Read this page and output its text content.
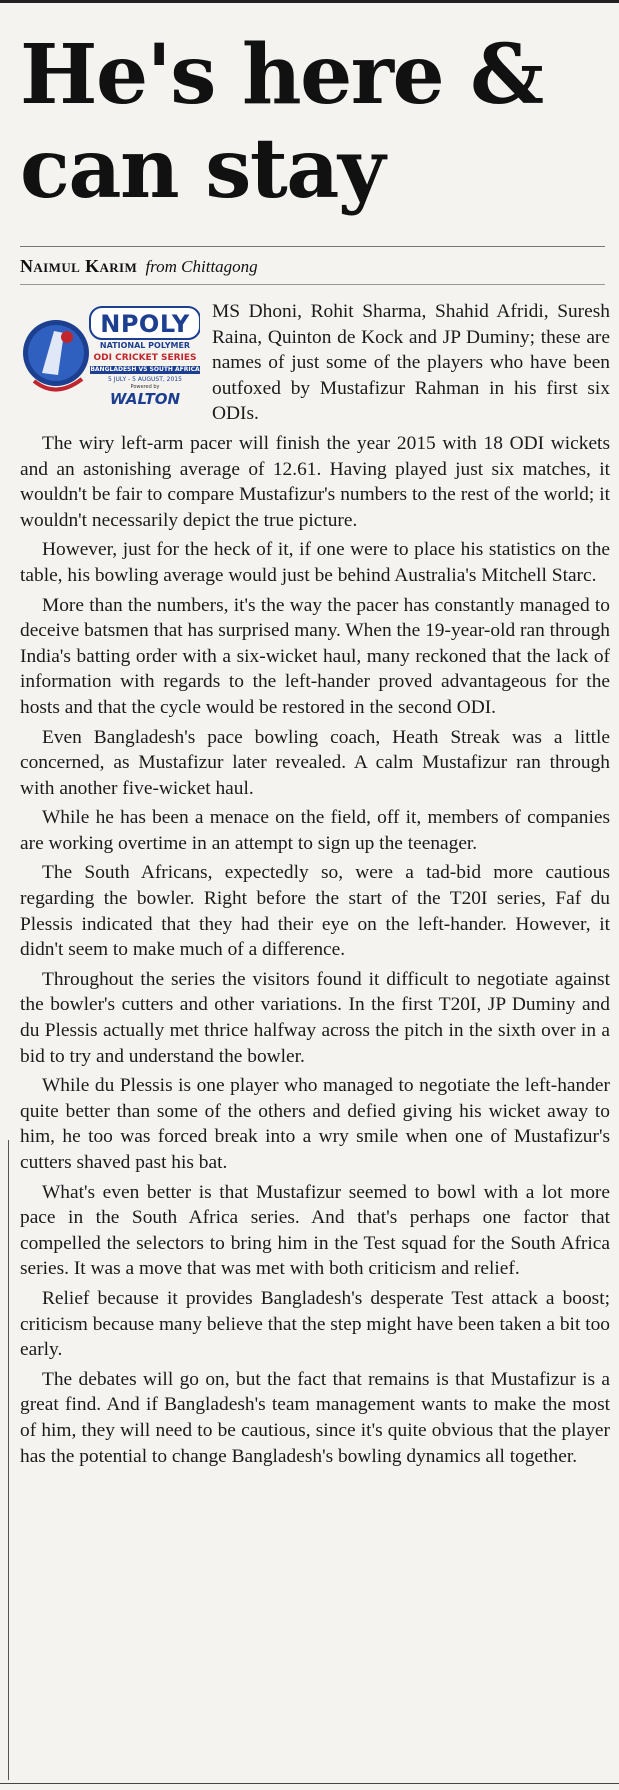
He's here & can stay
Naimul Karim from Chittagong
NPOLY
NATIONAL POLYMER
ODI CRICKET SERIES
BANGLADESH VS SOUTH AFRICA
5 JULY - 5 AUGUST, 2015
Powered by
WALTON

MS Dhoni, Rohit Sharma, Shahid Afridi, Suresh Raina, Quinton de Kock and JP Duminy; these are names of just some of the players who have been outfoxed by Mustafizur Rahman in his first six ODIs.

The wiry left-arm pacer will finish the year 2015 with 18 ODI wickets and an astonishing average of 12.61. Having played just six matches, it wouldn't be fair to compare Mustafizur's numbers to the rest of the world; it wouldn't necessarily depict the true picture.

However, just for the heck of it, if one were to place his statistics on the table, his bowling average would just be behind Australia's Mitchell Starc.

More than the numbers, it's the way the pacer has constantly managed to deceive batsmen that has surprised many. When the 19-year-old ran through India's batting order with a six-wicket haul, many reckoned that the lack of information with regards to the left-hander proved advantageous for the hosts and that the cycle would be restored in the second ODI.

Even Bangladesh's pace bowling coach, Heath Streak was a little concerned, as Mustafizur later revealed. A calm Mustafizur ran through with another five-wicket haul.

While he has been a menace on the field, off it, members of companies are working overtime in an attempt to sign up the teenager.

The South Africans, expectedly so, were a tad-bid more cautious regarding the bowler. Right before the start of the T20I series, Faf du Plessis indicated that they had their eye on the left-hander. However, it didn't seem to make much of a difference.

Throughout the series the visitors found it difficult to negotiate against the bowler's cutters and other variations. In the first T20I, JP Duminy and du Plessis actually met thrice halfway across the pitch in the sixth over in a bid to try and understand the bowler.

While du Plessis is one player who managed to negotiate the left-hander quite better than some of the others and defied giving his wicket away to him, he too was forced break into a wry smile when one of Mustafizur's cutters shaved past his bat.

What's even better is that Mustafizur seemed to bowl with a lot more pace in the South Africa series. And that's perhaps one factor that compelled the selectors to bring him in the Test squad for the South Africa series. It was a move that was met with both criticism and relief.

Relief because it provides Bangladesh's desperate Test attack a boost; criticism because many believe that the step might have been taken a bit too early.

The debates will go on, but the fact that remains is that Mustafizur is a great find. And if Bangladesh's team management wants to make the most of him, they will need to be cautious, since it's quite obvious that the player has the potential to change Bangladesh's bowling dynamics all together.
